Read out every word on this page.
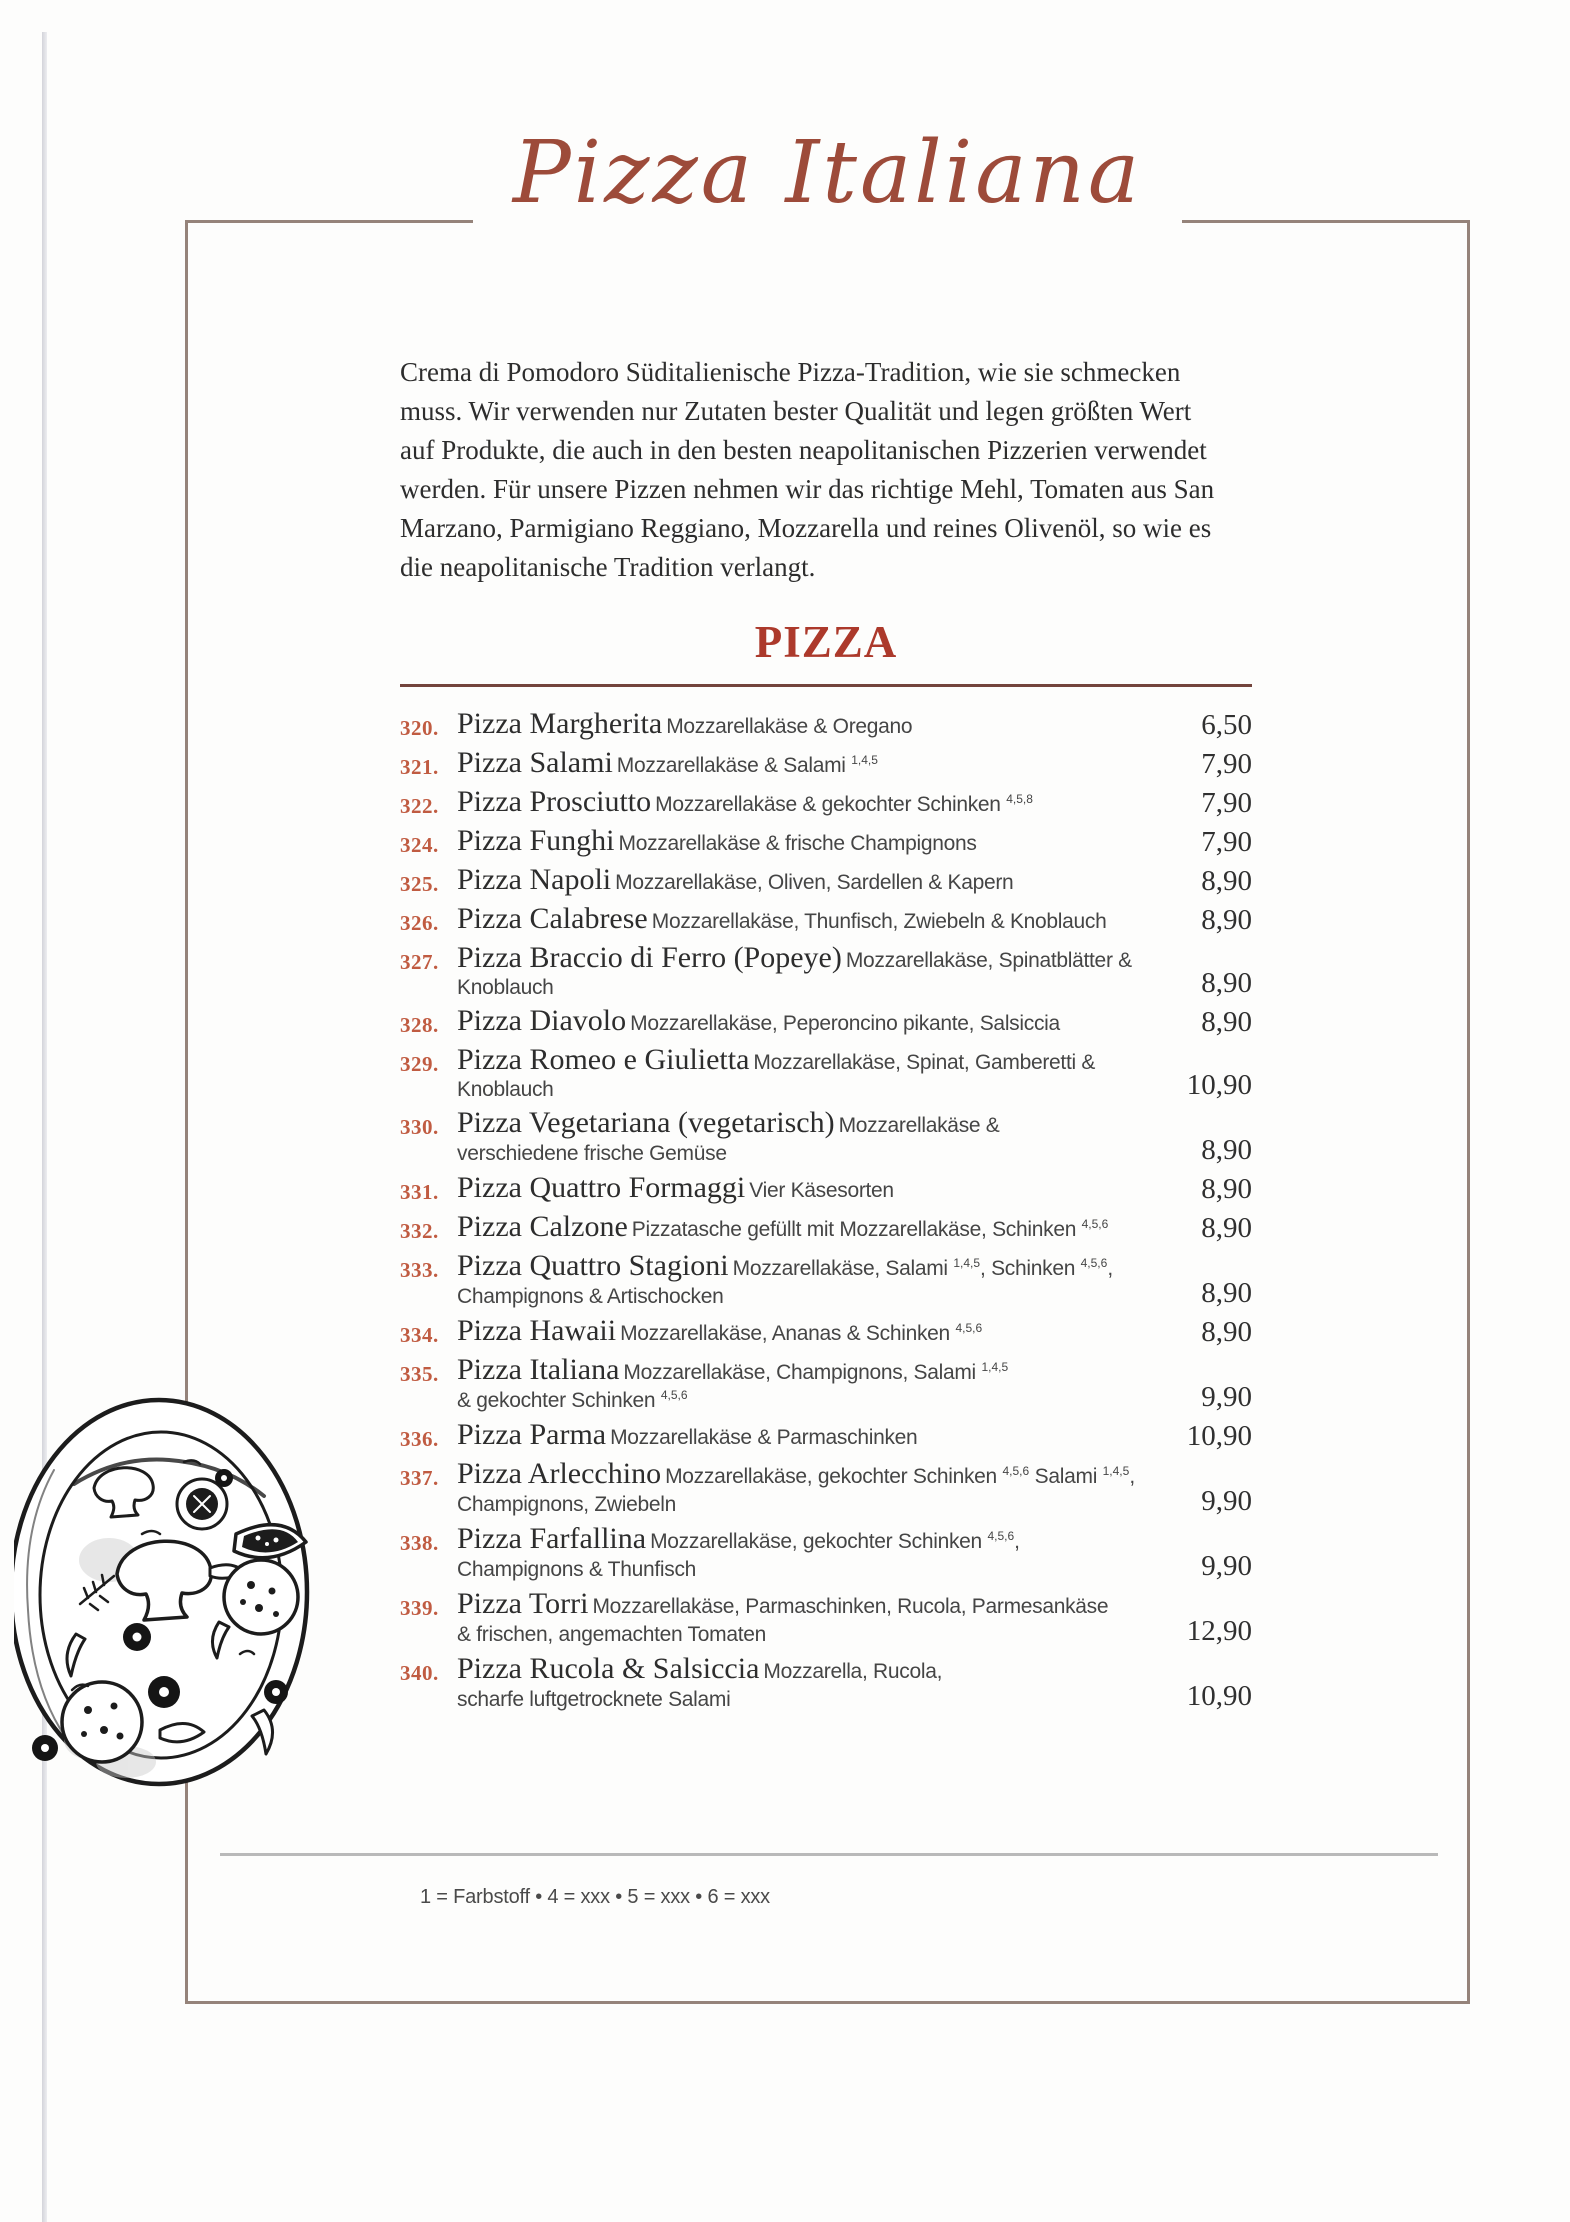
Pizza Italiana

Crema di Pomodoro Süditalienische Pizza-Tradition, wie sie schmecken muss. Wir verwenden nur Zutaten bester Qualität und legen größten Wert auf Produkte, die auch in den besten neapolitanischen Pizzerien verwendet werden. Für unsere Pizzen nehmen wir das richtige Mehl, Tomaten aus San Marzano, Parmigiano Reggiano, Mozzarella und reines Olivenöl, so wie es die neapolitanische Tradition verlangt.

PIZZA
320. Pizza Margherita Mozzarellakäse & Oregano	6,50
321. Pizza Salami Mozzarellakäse & Salami $^{1,4,5}$	7,90
322. Pizza Prosciutto Mozzarellakäse & gekochter Schinken $^{4,5,8}$	7,90
324. Pizza Funghi Mozzarellakäse & frische Champignons	7,90
325. Pizza Napoli Mozzarellakäse, Oliven, Sardellen & Kapern	8,90
326. Pizza Calabrese Mozzarellakäse, Thunfisch, Zwiebeln & Knoblauch	8,90
327. Pizza Braccio di Ferro (Popeye) Mozzarellakäse, Spinatblätter & Knoblauch	8,90
328. Pizza Diavolo Mozzarellakäse, Peperoncino pikante, Salsiccia	8,90
329. Pizza Romeo e Giulietta Mozzarellakäse, Spinat, Gamberetti & Knoblauch	10,90
330. Pizza Vegetariana (vegetarisch) Mozzarellakäse &
verschiedene frische Gemüse	8,90
331. Pizza Quattro Formaggi Vier Käsesorten	8,90
332. Pizza Calzone Pizzatasche gefüllt mit Mozzarellakäse, Schinken $^{4,5,6}$	8,90
333. Pizza Quattro Stagioni Mozzarellakäse, Salami $^{1,4,5}$, Schinken $^{4,5,6}$,
Champignons & Artischocken	8,90
334. Pizza Hawaii Mozzarellakäse, Ananas & Schinken $^{4,5,6}$	8,90
335. Pizza Italiana Mozzarellakäse, Champignons, Salami $^{1,4,5}$
& gekochter Schinken $^{4,5,6}$	9,90
336. Pizza Parma Mozzarellakäse & Parmaschinken	10,90
337. Pizza Arlecchino Mozzarellakäse, gekochter Schinken $^{4,5,6}$ Salami $^{1,4,5}$,
Champignons, Zwiebeln	9,90
338. Pizza Farfallina Mozzarellakäse, gekochter Schinken $^{4,5,6}$,
Champignons & Thunfisch	9,90
339. Pizza Torri Mozzarellakäse, Parmaschinken, Rucola, Parmesankäse
& frischen, angemachten Tomaten	12,90
340. Pizza Rucola & Salsiccia Mozzarella, Rucola,
scharfe luftgetrocknete Salami	10,90
1 = Farbstoff • 4 = xxx • 5 = xxx • 6 = xxx
